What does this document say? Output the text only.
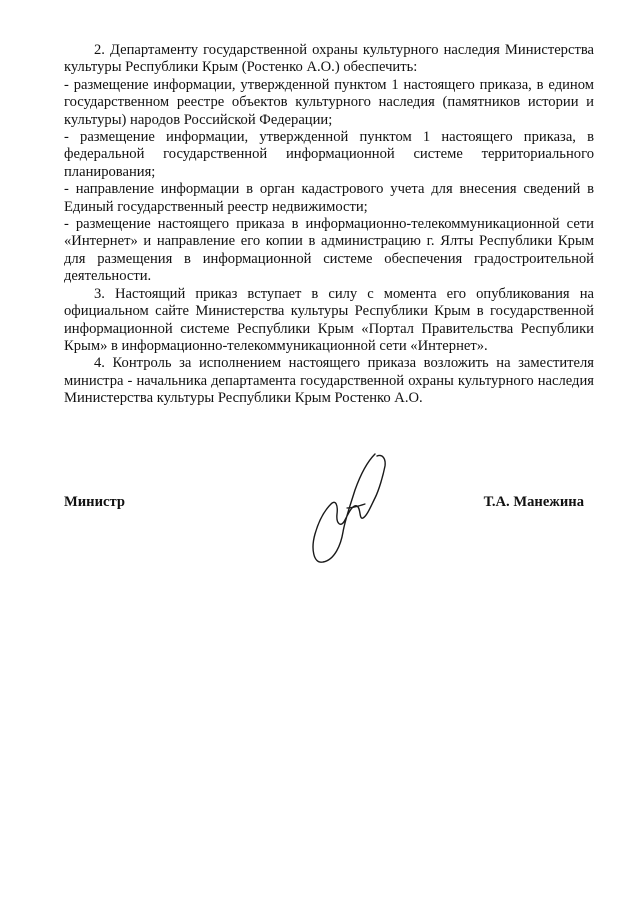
2. Департаменту государственной охраны культурного наследия Министерства культуры Республики Крым (Ростенко А.О.) обеспечить:

- размещение информации, утвержденной пунктом 1 настоящего приказа, в едином государственном реестре объектов культурного наследия (памятников истории и культуры) народов Российской Федерации;

- размещение информации, утвержденной пунктом 1 настоящего приказа, в федеральной государственной информационной системе территориального планирования;

- направление информации в орган кадастрового учета для внесения сведений в Единый государственный реестр недвижимости;

- размещение настоящего приказа в информационно-телекоммуникационной сети «Интернет» и направление его копии в администрацию г. Ялты Республики Крым для размещения в информационной системе обеспечения градостроительной деятельности.

3. Настоящий приказ вступает в силу с момента его опубликования на официальном сайте Министерства культуры Республики Крым в государственной информационной системе Республики Крым «Портал Правительства Республики Крым» в информационно-телекоммуникационной сети «Интернет».

4. Контроль за исполнением настоящего приказа возложить на заместителя министра - начальника департамента государственной охраны культурного наследия Министерства культуры Республики Крым Ростенко А.О.

Министр	Т.А. Манежина
